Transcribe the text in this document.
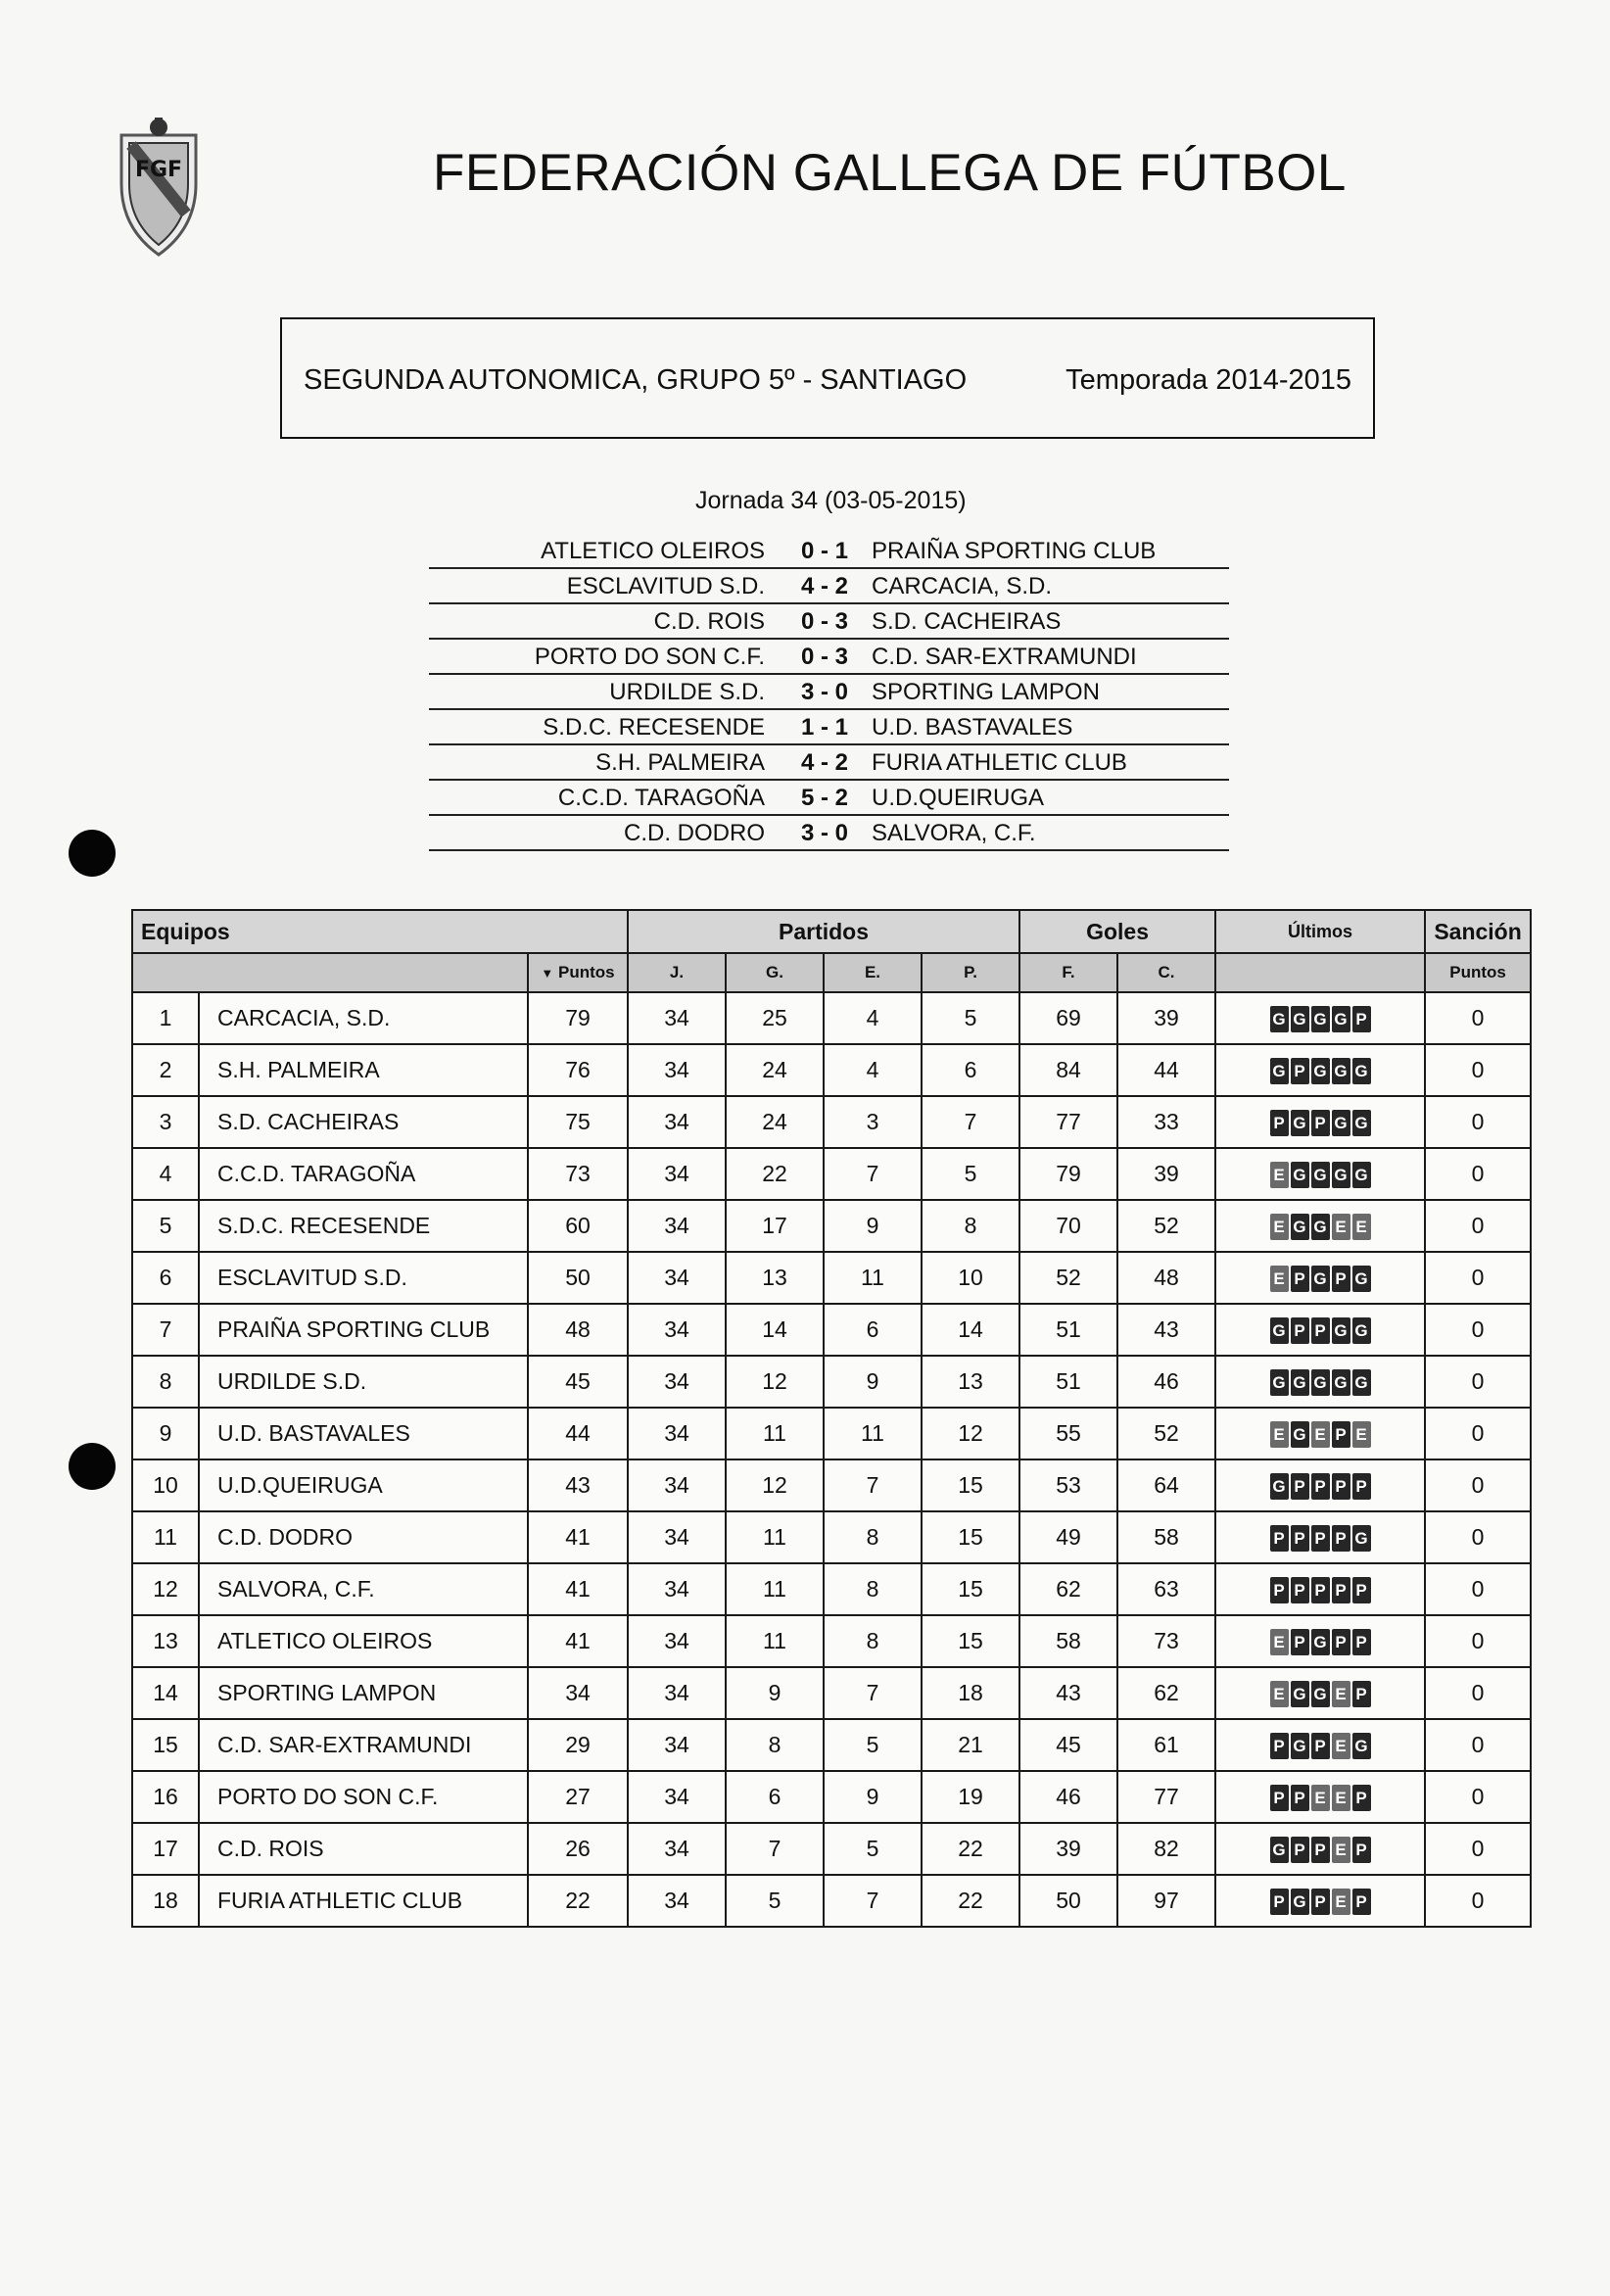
FGF	FEDERACIÓN GALLEGA DE FÚTBOL
SEGUNDA AUTONOMICA, GRUPO 5º - SANTIAGO	Temporada 2014-2015
Jornada 34 (03-05-2015)
ATLETICO OLEIROS 0 - 1 PRAIÑA SPORTING CLUB
ESCLAVITUD S.D. 4 - 2 CARCACIA, S.D.
C.D. ROIS 0 - 3 S.D. CACHEIRAS
PORTO DO SON C.F. 0 - 3 C.D. SAR-EXTRAMUNDI
URDILDE S.D. 3 - 0 SPORTING LAMPON
S.D.C. RECESENDE 1 - 1 U.D. BASTAVALES
S.H. PALMEIRA 4 - 2 FURIA ATHLETIC CLUB
C.C.D. TARAGOÑA 5 - 2 U.D.QUEIRUGA
C.D. DODRO 3 - 0 SALVORA, C.F.
Equipos			Partidos				Goles		Últimos	Sanción
		▼ Puntos	J.	G.	E.	P.	F.	C.		Puntos
1	CARCACIA, S.D.	79	34	25	4	5	69	39	G G G G P	0
2	S.H. PALMEIRA	76	34	24	4	6	84	44	G P G G G	0
3	S.D. CACHEIRAS	75	34	24	3	7	77	33	P G P G G	0
4	C.C.D. TARAGOÑA	73	34	22	7	5	79	39	E G G G G	0
5	S.D.C. RECESENDE	60	34	17	9	8	70	52	E G G E E	0
6	ESCLAVITUD S.D.	50	34	13	11	10	52	48	E P G P G	0
7	PRAIÑA SPORTING CLUB	48	34	14	6	14	51	43	G P P G G	0
8	URDILDE S.D.	45	34	12	9	13	51	46	G G G G G	0
9	U.D. BASTAVALES	44	34	11	11	12	55	52	E G E P E	0
10	U.D.QUEIRUGA	43	34	12	7	15	53	64	G P P P P	0
11	C.D. DODRO	41	34	11	8	15	49	58	P P P P G	0
12	SALVORA, C.F.	41	34	11	8	15	62	63	P P P P P	0
13	ATLETICO OLEIROS	41	34	11	8	15	58	73	E P G P P	0
14	SPORTING LAMPON	34	34	9	7	18	43	62	E G G E P	0
15	C.D. SAR-EXTRAMUNDI	29	34	8	5	21	45	61	P G P E G	0
16	PORTO DO SON C.F.	27	34	6	9	19	46	77	P P E E P	0
17	C.D. ROIS	26	34	7	5	22	39	82	G P P E P	0
18	FURIA ATHLETIC CLUB	22	34	5	7	22	50	97	P G P E P	0
